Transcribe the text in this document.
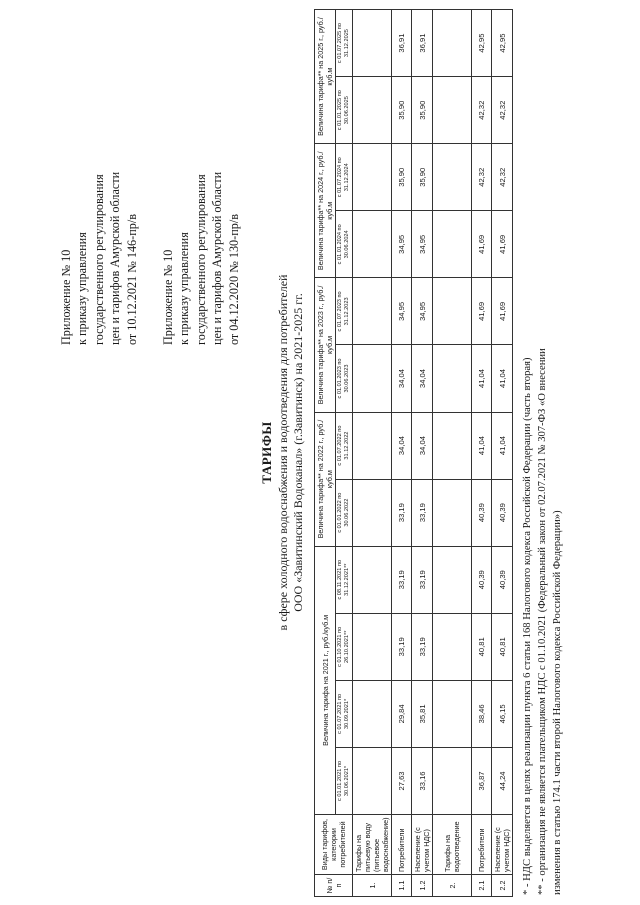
Приложение № 10 к приказу управления государственного регулирования цен и тарифов Амурской области от 10.12.2021 № 146-пр/в Приложение № 10 к приказу управления государственного регулирования цен и тарифов Амурской области от 04.12.2020 № 130-пр/в
ТАРИФЫ в сфере холодного водоснабжения и водоотведения для потребителей ООО «Завитинский Водоканал» (г.Завитинск) на 2021-2025 гг.
№ п/п	Виды тарифов, категории потребителей	Величина тарифа на 2021 г., руб./куб.м				Величина тарифа** на 2022 г., руб./куб.м		Величина тарифа** на 2023 г., руб./куб.м		Величина тарифа** на 2024 г., руб./куб.м		Величина тарифа** на 2025 г., руб./куб.м	
		с 01.01.2021 по 30.06.2021*	с 01.07.2021 по 30.09.2021*	с 01.10.2021 по 26.10.2021**	с 08.11.2021 по 31.12.2021**	с 01.01.2022 по 30.06.2022	с 01.07.2022 по 31.12.2022	с 01.01.2023 по 30.06.2023	с 01.07.2023 по 31.12.2023	с 01.01.2024 по 30.06.2024	с 01.07.2024 по 31.12.2024	с 01.01.2025 по 30.06.2025	с 01.07.2025 по 31.12.2025
1.	Тарифы на питьевую воду (питьевое водоснабжение)												
1.1	Потребители	27,63	29,84	33,19	33,19	33,19	34,04	34,04	34,95	34,95	35,90	35,90	36,91
1.2	Население (с учетом НДС)	33,16	35,81	33,19	33,19	33,19	34,04	34,04	34,95	34,95	35,90	35,90	36,91
2.	Тарифы на водоотведение												
2.1	Потребители	36,87	38,46	40,81	40,39	40,39	41,04	41,04	41,69	41,69	42,32	42,32	42,95
2.2	Население (с учетом НДС)	44,24	46,15	40,81	40,39	40,39	41,04	41,04	41,69	41,69	42,32	42,32	42,95
* - НДС выделяется в целях реализации пункта 6 статьи 168 Налогового кодекса Российской Федерации (часть вторая) ** - организация не является плательщиком НДС с 01.10.2021 (Федеральный закон от 02.07.2021 № 307-ФЗ «О внесении изменения в статью 174.1 части второй Налогового кодекса Российской Федерации»)
